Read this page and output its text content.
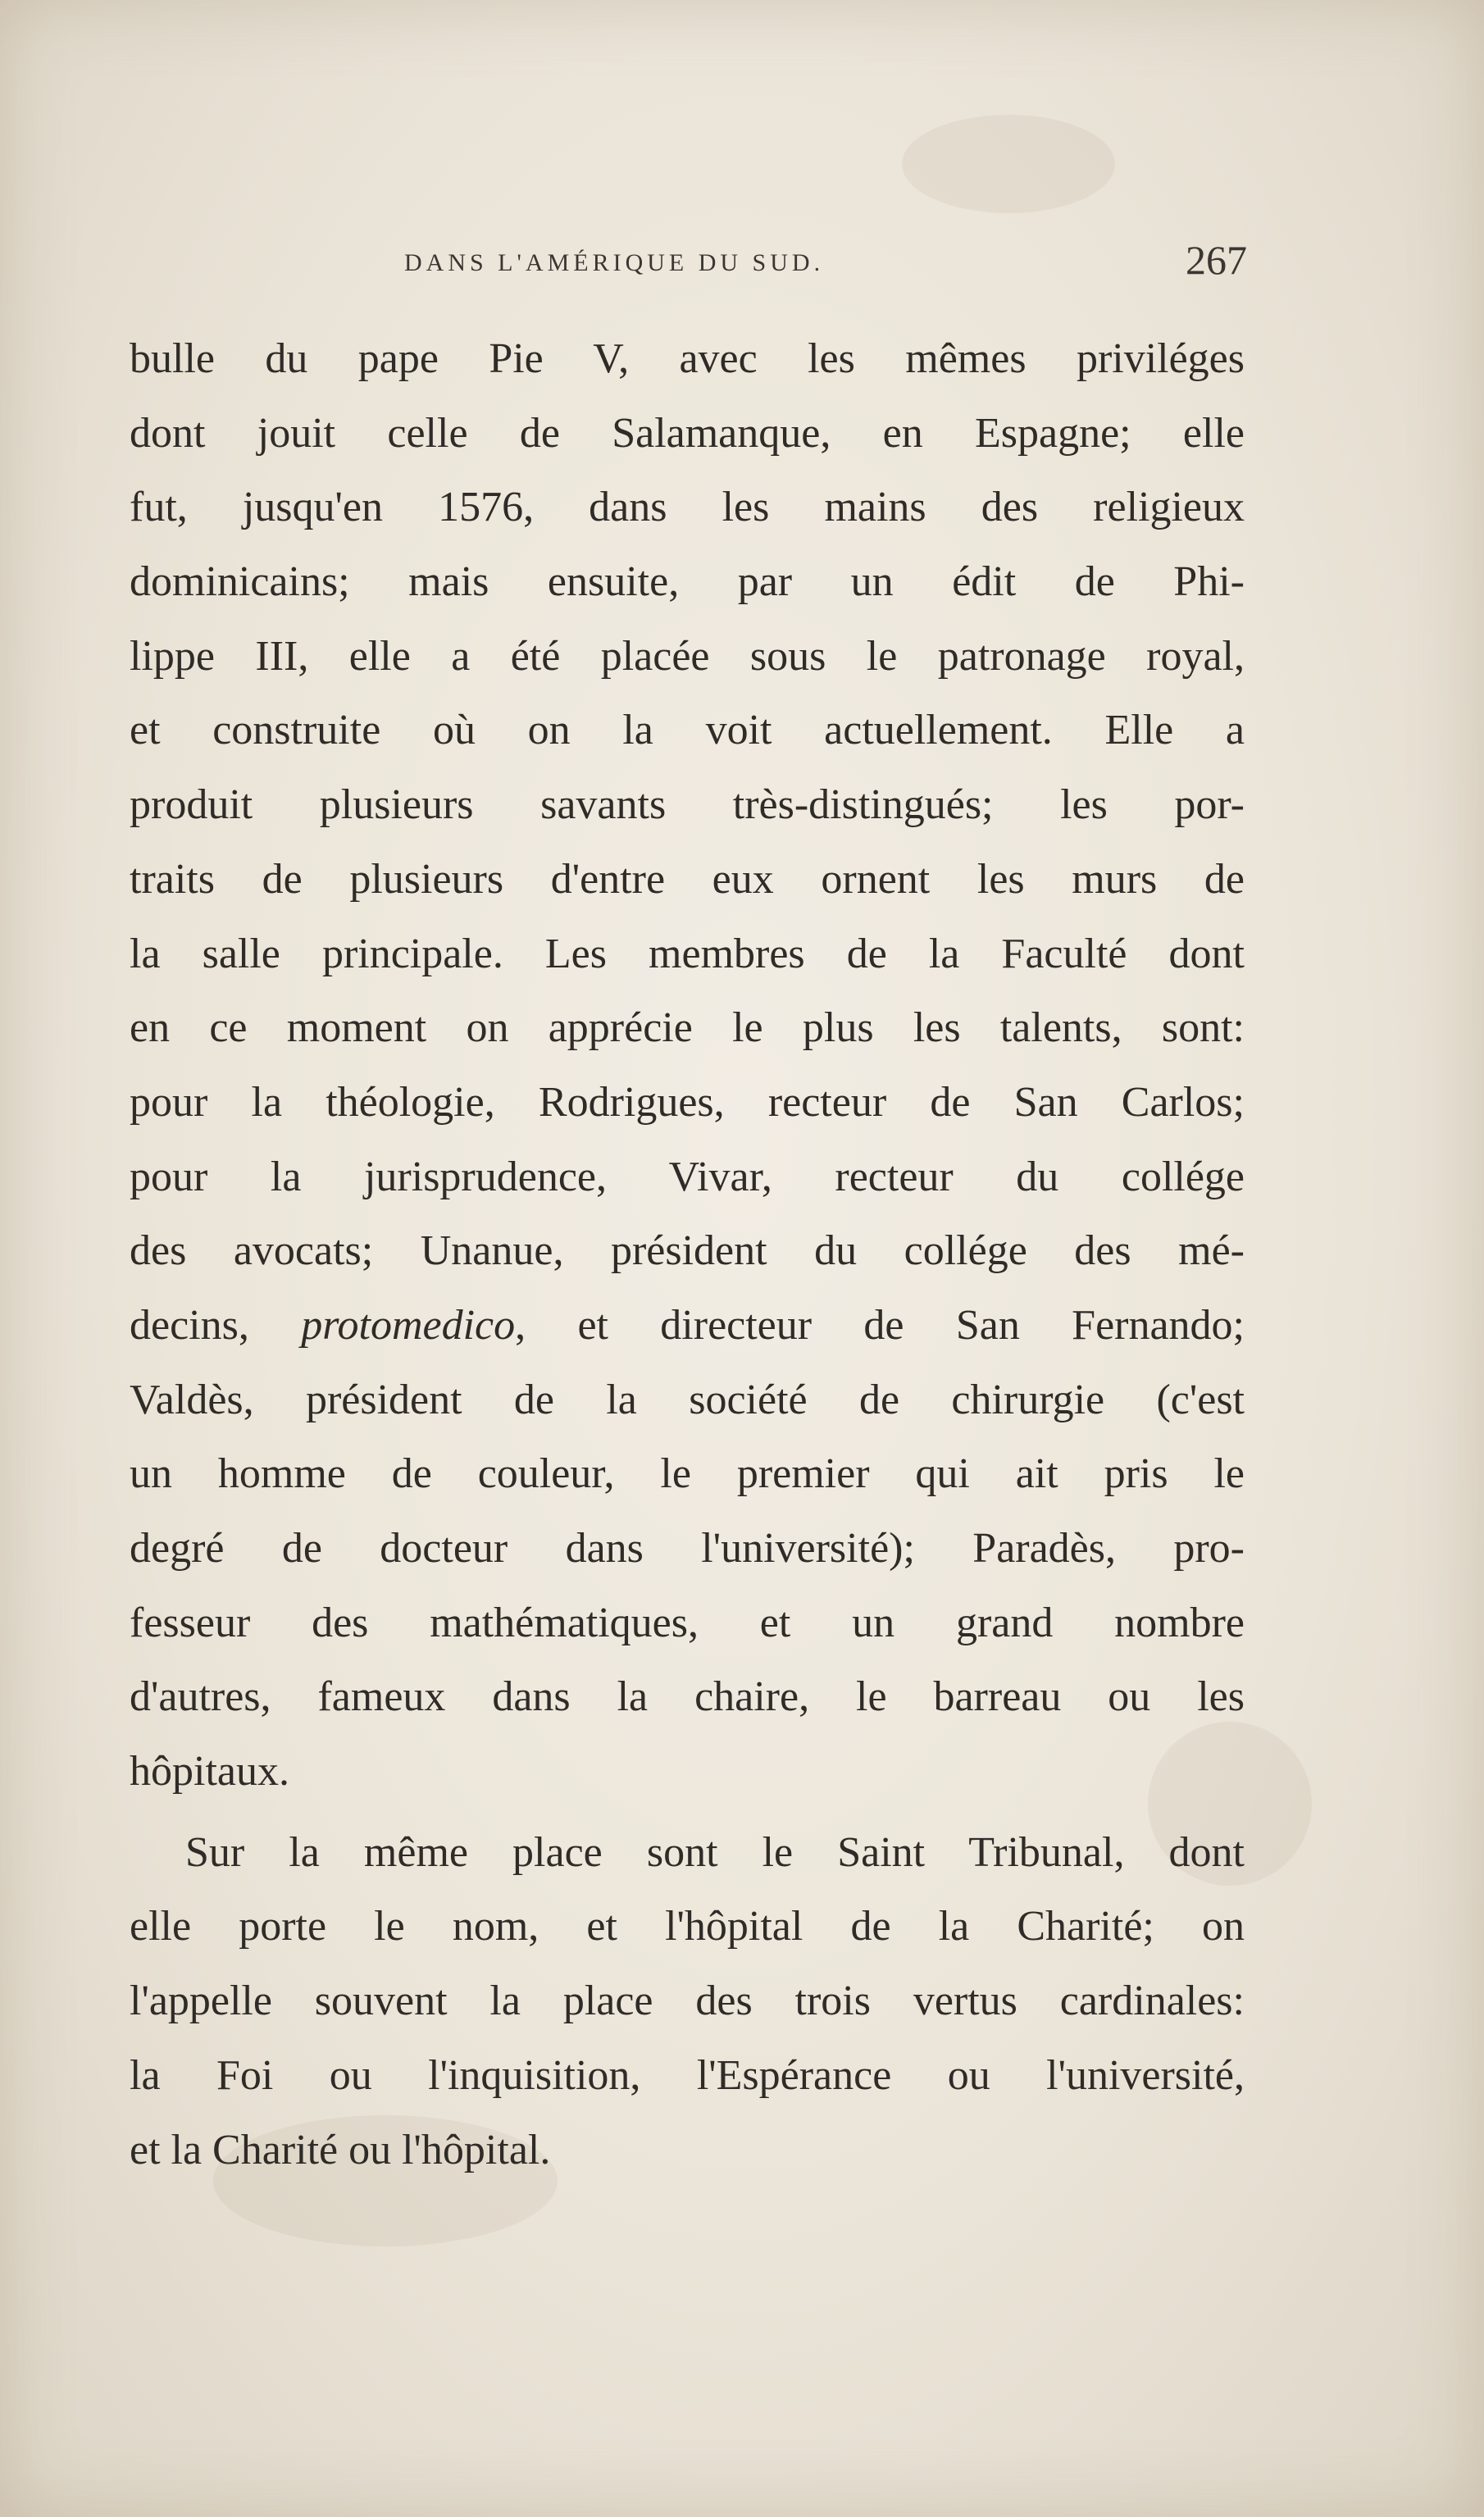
DANS L'AMÉRIQUE DU SUD.	267
bulle du pape Pie V, avec les mêmes priviléges
dont jouit celle de Salamanque, en Espagne; elle
fut, jusqu'en 1576, dans les mains des religieux
dominicains; mais ensuite, par un édit de Phi-
lippe III, elle a été placée sous le patronage royal,
et construite où on la voit actuellement. Elle a
produit plusieurs savants très-distingués; les por-
traits de plusieurs d'entre eux ornent les murs de
la salle principale. Les membres de la Faculté dont
en ce moment on apprécie le plus les talents, sont:
pour la théologie, Rodrigues, recteur de San Carlos;
pour la jurisprudence, Vivar, recteur du collége
des avocats; Unanue, président du collége des mé-
decins, protomedico, et directeur de San Fernando;
Valdès, président de la société de chirurgie (c'est
un homme de couleur, le premier qui ait pris le
degré de docteur dans l'université); Paradès, pro-
fesseur des mathématiques, et un grand nombre
d'autres, fameux dans la chaire, le barreau ou les
hôpitaux.
Sur la même place sont le Saint Tribunal, dont
elle porte le nom, et l'hôpital de la Charité; on
l'appelle souvent la place des trois vertus cardinales:
la Foi ou l'inquisition, l'Espérance ou l'université,
et la Charité ou l'hôpital.
